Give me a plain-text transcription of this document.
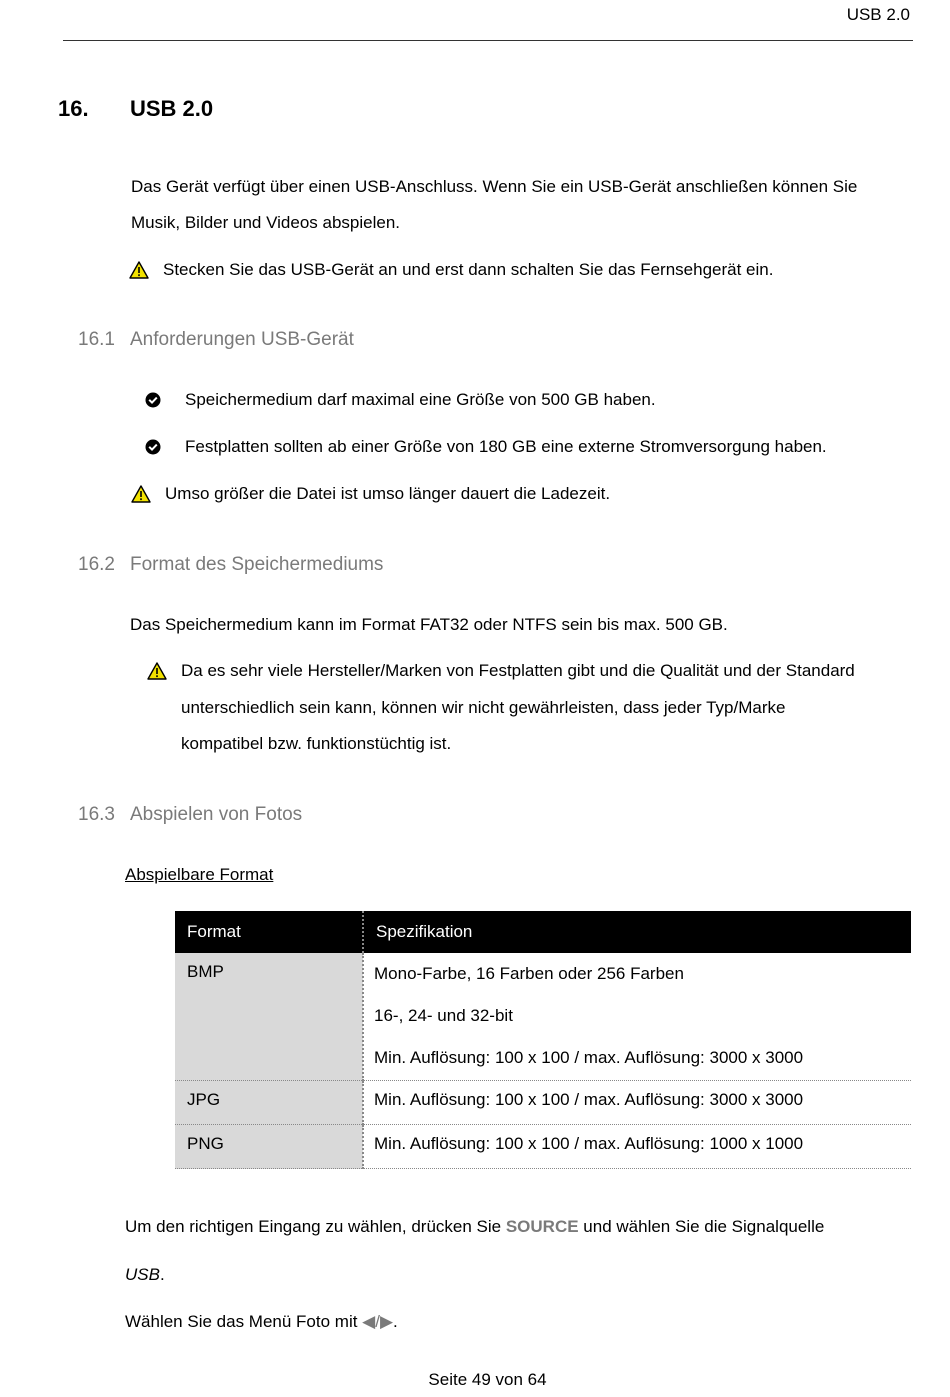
USB 2.0
16. USB 2.0
Das Gerät verfügt über einen USB-Anschluss. Wenn Sie ein USB-Gerät anschließen können Sie
Musik, Bilder und Videos abspielen.
Stecken Sie das USB-Gerät an und erst dann schalten Sie das Fernsehgerät ein.
16.1 Anforderungen USB-Gerät
Speichermedium darf maximal eine Größe von 500 GB haben.
Festplatten sollten ab einer Größe von 180 GB eine externe Stromversorgung haben.
Umso größer die Datei ist umso länger dauert die Ladezeit.
16.2 Format des Speichermediums
Das Speichermedium kann im Format FAT32 oder NTFS sein bis max. 500 GB.
Da es sehr viele Hersteller/Marken von Festplatten gibt und die Qualität und der Standard
unterschiedlich sein kann, können wir nicht gewährleisten, dass jeder Typ/Marke
kompatibel bzw. funktionstüchtig ist.
16.3 Abspielen von Fotos
Abspielbare Format
Format	Spezifikation
BMP	Mono-Farbe, 16 Farben oder 256 Farben
16-, 24- und 32-bit
Min. Auflösung: 100 x 100 / max. Auflösung: 3000 x 3000

JPG	Min. Auflösung: 100 x 100 / max. Auflösung: 3000 x 3000
PNG	Min. Auflösung: 100 x 100 / max. Auflösung: 1000 x 1000
Um den richtigen Eingang zu wählen, drücken Sie SOURCE und wählen Sie die Signalquelle
USB.
Wählen Sie das Menü Foto mit ◀/▶.
Seite 49 von 64
